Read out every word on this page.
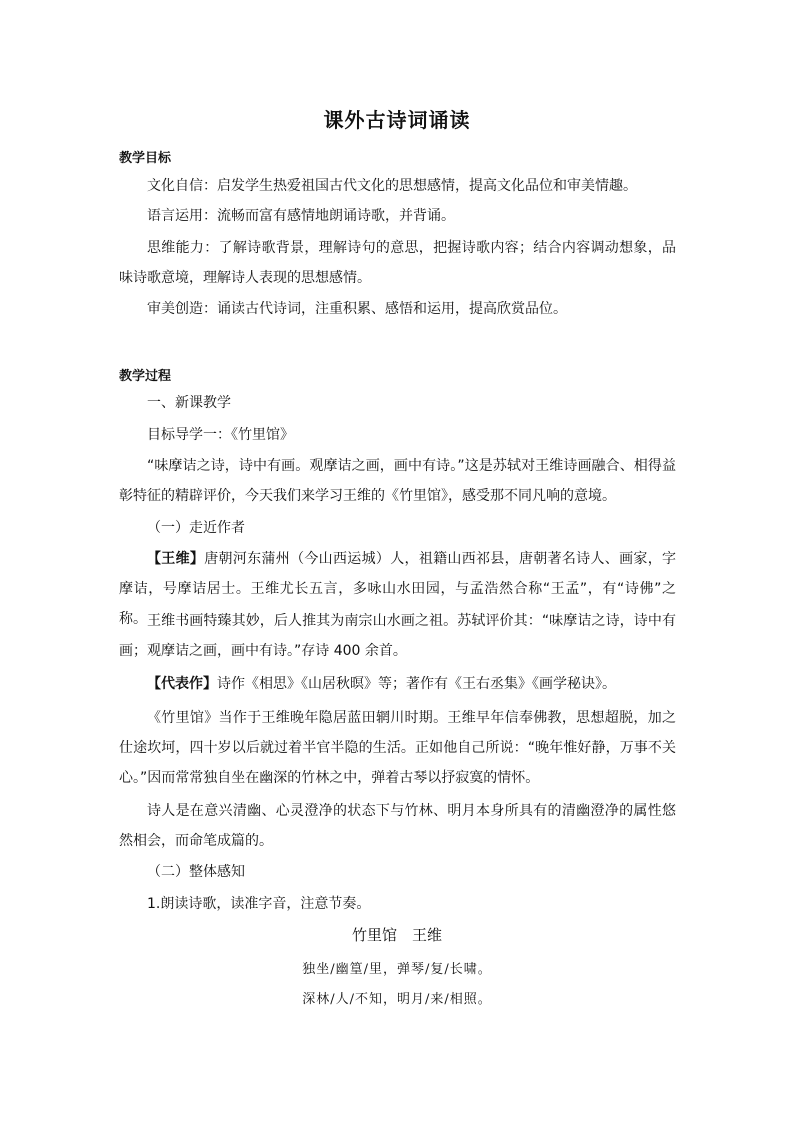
课外古诗词诵读
教学目标
文化自信：启发学生热爱祖国古代文化的思想感情，提高文化品位和审美情趣。
语言运用：流畅而富有感情地朗诵诗歌，并背诵。
思维能力：了解诗歌背景，理解诗句的意思，把握诗歌内容；结合内容调动想象，品味诗歌意境，理解诗人表现的思想感情。
审美创造：诵读古代诗词，注重积累、感悟和运用，提高欣赏品位。
教学过程
一、新课教学
目标导学一：《竹里馆》
“味摩诘之诗，诗中有画。观摩诘之画，画中有诗。”这是苏轼对王维诗画融合、相得益彰特征的精辟评价，今天我们来学习王维的《竹里馆》，感受那不同凡响的意境。
（一）走近作者
【王维】唐朝河东蒲州（今山西运城）人，祖籍山西祁县，唐朝著名诗人、画家，字摩诘，号摩诘居士。王维尤长五言，多咏山水田园，与孟浩然合称“王孟”，有“诗佛”之称。 王维书画特臻其妙，后人推其为南宗山水画之祖。苏轼评价其：“味摩诘之诗，诗中有画；观摩诘之画，画中有诗。”存诗 400 余首。
【代表作】诗作《相思》《山居秋暝》等；著作有《王右丞集》《画学秘诀》。
《竹里馆》当作于王维晚年隐居蓝田辋川时期。王维早年信奉佛教，思想超脱，加之仕途坎坷，四十岁以后就过着半官半隐的生活。正如他自己所说：“晚年惟好静，万事不关心。”因而常常独自坐在幽深的竹林之中，弹着古琴以抒寂寞的情怀。
诗人是在意兴清幽、心灵澄净的状态下与竹林、明月本身所具有的清幽澄净的属性悠然相会，而命笔成篇的。
（二）整体感知
1.朗读诗歌，读准字音，注意节奏。
竹里馆　王维
独坐/幽篁/里，弹琴/复/长啸。
深林/人/不知，明月/来/相照。
